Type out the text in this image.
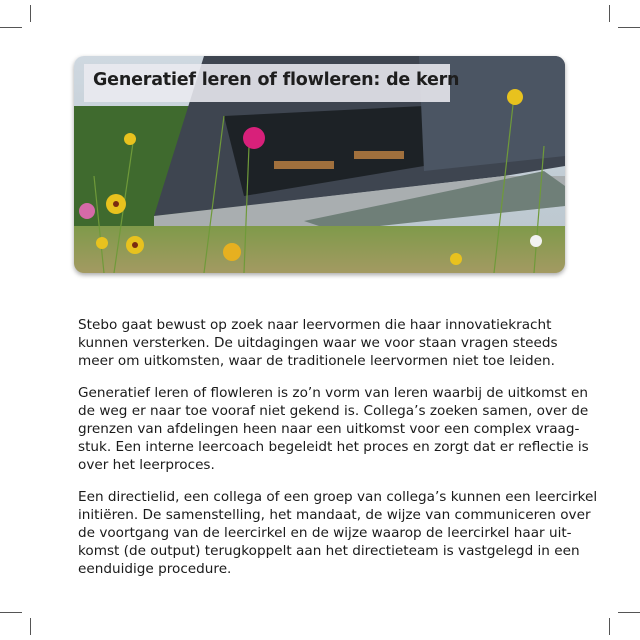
Generatief leren of flowleren: de kern

Stebo gaat bewust op zoek naar leervormen die haar innovatiekracht
kunnen versterken. De uitdagingen waar we voor staan vragen steeds
meer om uitkomsten, waar de traditionele leervormen niet toe leiden.

Generatief leren of flowleren is zo’n vorm van leren waarbij de uitkomst en
de weg er naar toe vooraf niet gekend is. Collega’s zoeken samen, over de
grenzen van afdelingen heen naar een uitkomst voor een complex vraag-
stuk. Een interne leercoach begeleidt het proces en zorgt dat er reflectie is
over het leerproces.

Een directielid, een collega of een groep van collega’s kunnen een leercirkel
initiëren. De samenstelling, het mandaat, de wijze van communiceren over
de voortgang van de leercirkel en de wijze waarop de leercirkel haar uit-
komst (de output) terugkoppelt aan het directieteam is vastgelegd in een
eenduidige procedure.
